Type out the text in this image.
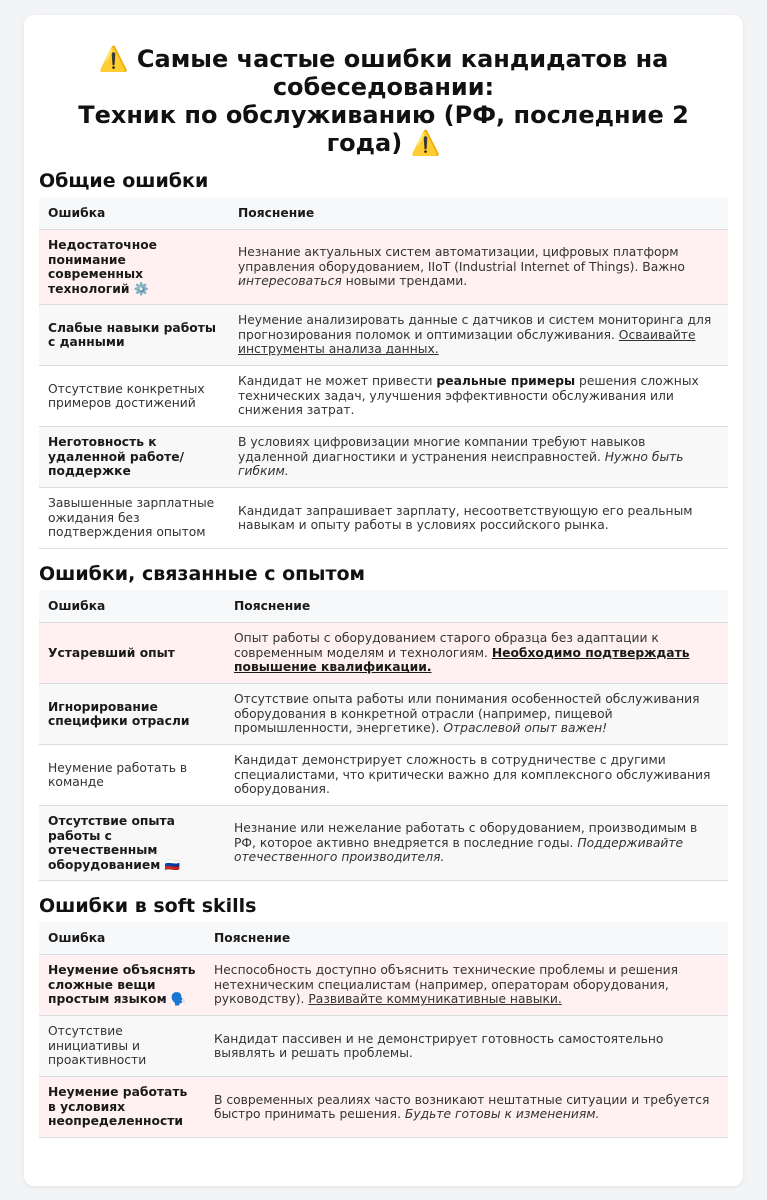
⚠️ Самые частые ошибки кандидатов на собеседовании:
Техник по обслуживанию (РФ, последние 2 года) ⚠️
Общие ошибки
Ошибка	Пояснение
Недостаточное понимание современных технологий ⚙️	Незнание актуальных систем автоматизации, цифровых платформ управления оборудованием, IIoT (Industrial Internet of Things). Важно интересоваться новыми трендами.
Слабые навыки работы с данными	Неумение анализировать данные с датчиков и систем мониторинга для прогнозирования поломок и оптимизации обслуживания. Осваивайте инструменты анализа данных.
Отсутствие конкретных примеров достижений	Кандидат не может привести реальные примеры решения сложных технических задач, улучшения эффективности обслуживания или снижения затрат.
Неготовность к удаленной работе/поддержке	В условиях цифровизации многие компании требуют навыков удаленной диагностики и устранения неисправностей. Нужно быть гибким.
Завышенные зарплатные ожидания без подтверждения опытом	Кандидат запрашивает зарплату, несоответствующую его реальным навыкам и опыту работы в условиях российского рынка.
Ошибки, связанные с опытом
Ошибка	Пояснение
Устаревший опыт	Опыт работы с оборудованием старого образца без адаптации к современным моделям и технологиям. Необходимо подтверждать повышение квалификации.
Игнорирование специфики отрасли	Отсутствие опыта работы или понимания особенностей обслуживания оборудования в конкретной отрасли (например, пищевой промышленности, энергетике). Отраслевой опыт важен!
Неумение работать в команде	Кандидат демонстрирует сложность в сотрудничестве с другими специалистами, что критически важно для комплексного обслуживания оборудования.
Отсутствие опыта работы с отечественным оборудованием 🇷🇺	Незнание или нежелание работать с оборудованием, производимым в РФ, которое активно внедряется в последние годы. Поддерживайте отечественного производителя.
Ошибки в soft skills
Ошибка	Пояснение
Неумение объяснять сложные вещи простым языком 🗣️	Неспособность доступно объяснить технические проблемы и решения нетехническим специалистам (например, операторам оборудования, руководству). Развивайте коммуникативные навыки.
Отсутствие инициативы и проактивности	Кандидат пассивен и не демонстрирует готовность самостоятельно выявлять и решать проблемы.
Неумение работать в условиях неопределенности	В современных реалиях часто возникают нештатные ситуации и требуется быстро принимать решения. Будьте готовы к изменениям.
